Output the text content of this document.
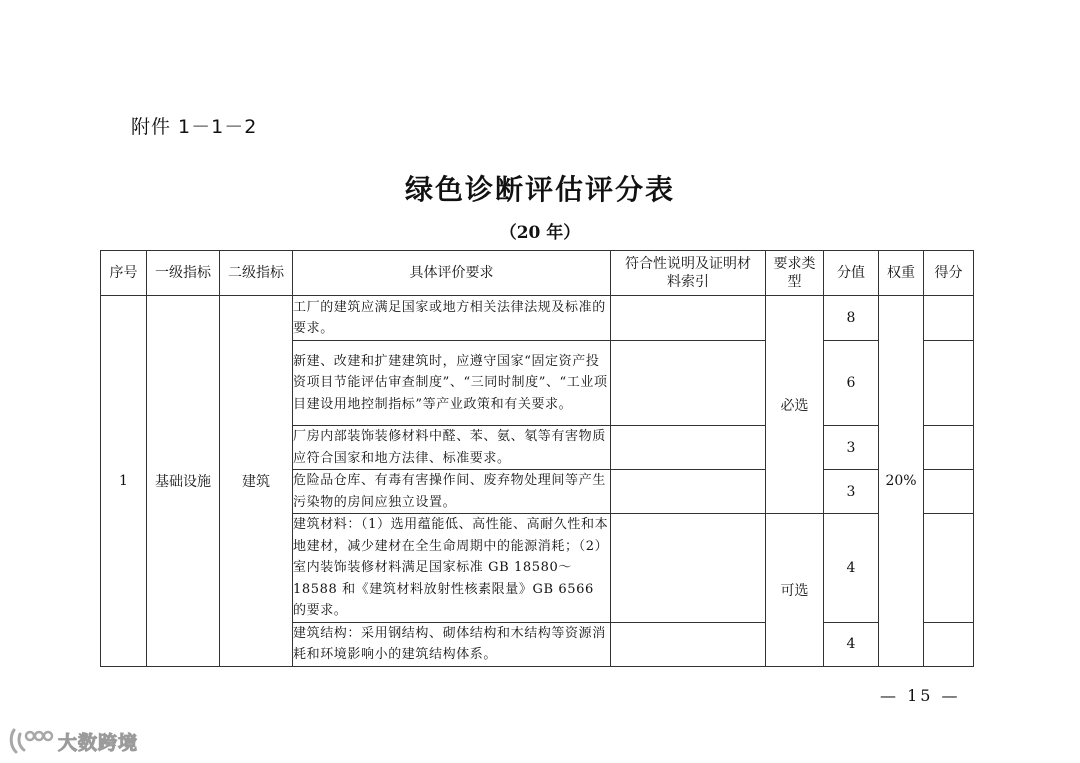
附件 1－1－2
绿色诊断评估评分表
（20 年）
序号	一级指标	二级指标	具体评价要求	符合性说明及证明材料索引	要求类型	分值	权重	得分
1	基础设施	建筑	工厂的建筑应满足国家或地方相关法律法规及标准的要求。		必选	8	20%	
			新建、改建和扩建建筑时，应遵守国家“固定资产投资项目节能评估审查制度”、“三同时制度”、“工业项目建设用地控制指标”等产业政策和有关要求。			6		
			厂房内部装饰装修材料中醛、苯、氨、氡等有害物质应符合国家和地方法律、标准要求。			3		
			危险品仓库、有毒有害操作间、废弃物处理间等产生污染物的房间应独立设置。			3		
			建筑材料：（1）选用蕴能低、高性能、高耐久性和本地建材，减少建材在全生命周期中的能源消耗；（2）室内装饰装修材料满足国家标准 GB 18580～18588 和《建筑材料放射性核素限量》GB 6566 的要求。		可选	4		
			建筑结构：采用钢结构、砌体结构和木结构等资源消耗和环境影响小的建筑结构体系。			4		
— 15 —
大数跨境
